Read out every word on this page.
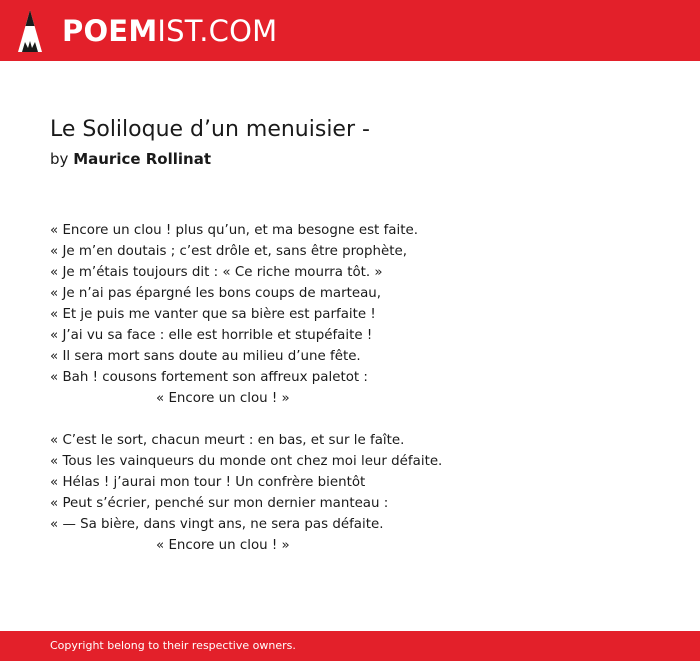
POEMIST.COM
Le Soliloque d’un menuisier -
by Maurice Rollinat
« Encore un clou ! plus qu’un, et ma besogne est faite.
« Je m’en doutais ; c’est drôle et, sans être prophète,
« Je m’étais toujours dit : « Ce riche mourra tôt. »
« Je n’ai pas épargné les bons coups de marteau,
« Et je puis me vanter que sa bière est parfaite !
« J’ai vu sa face : elle est horrible et stupéfaite !
« Il sera mort sans doute au milieu d’une fête.
« Bah ! cousons fortement son affreux paletot :
« Encore un clou ! »
« C’est le sort, chacun meurt : en bas, et sur le faîte.
« Tous les vainqueurs du monde ont chez moi leur défaite.
« Hélas ! j’aurai mon tour ! Un confrère bientôt
« Peut s’écrier, penché sur mon dernier manteau :
« — Sa bière, dans vingt ans, ne sera pas défaite.
« Encore un clou ! »
Copyright belong to their respective owners.
